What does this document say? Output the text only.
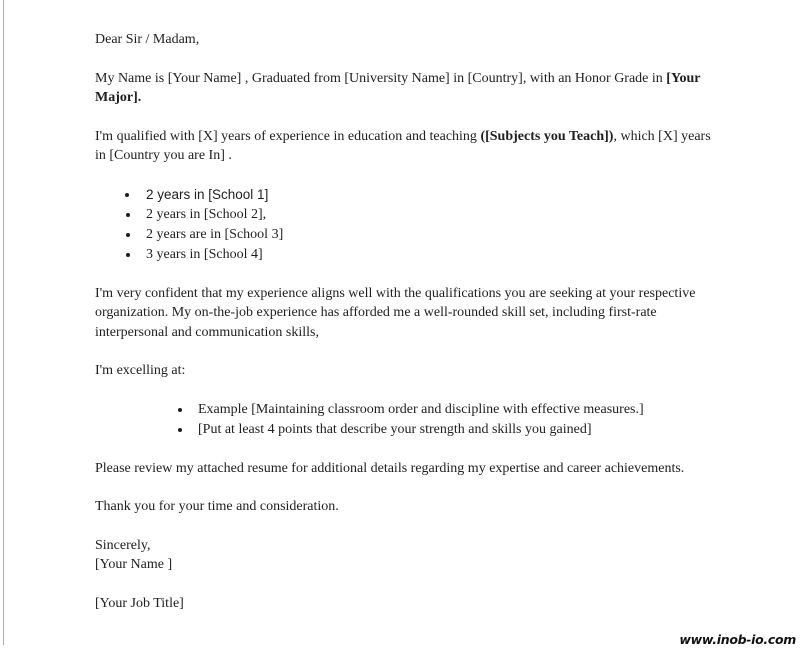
Dear Sir / Madam,

My Name is [Your Name] , Graduated from [University Name] in [Country], with an Honor Grade in [Your Major].

I'm qualified with [X] years of experience in education and teaching ([Subjects you Teach]), which [X] years in [Country you are In] .

• 2 years in [School 1]
• 2 years in [School 2],
• 2 years are in [School 3]
• 3 years in [School 4]

I'm very confident that my experience aligns well with the qualifications you are seeking at your respective organization. My on-the-job experience has afforded me a well-rounded skill set, including first-rate interpersonal and communication skills,

I'm excelling at:

• Example [Maintaining classroom order and discipline with effective measures.]
• [Put at least 4 points that describe your strength and skills you gained]

Please review my attached resume for additional details regarding my expertise and career achievements.

Thank you for your time and consideration.

Sincerely,
[Your Name ]

[Your Job Title]

www.inob-io.com
